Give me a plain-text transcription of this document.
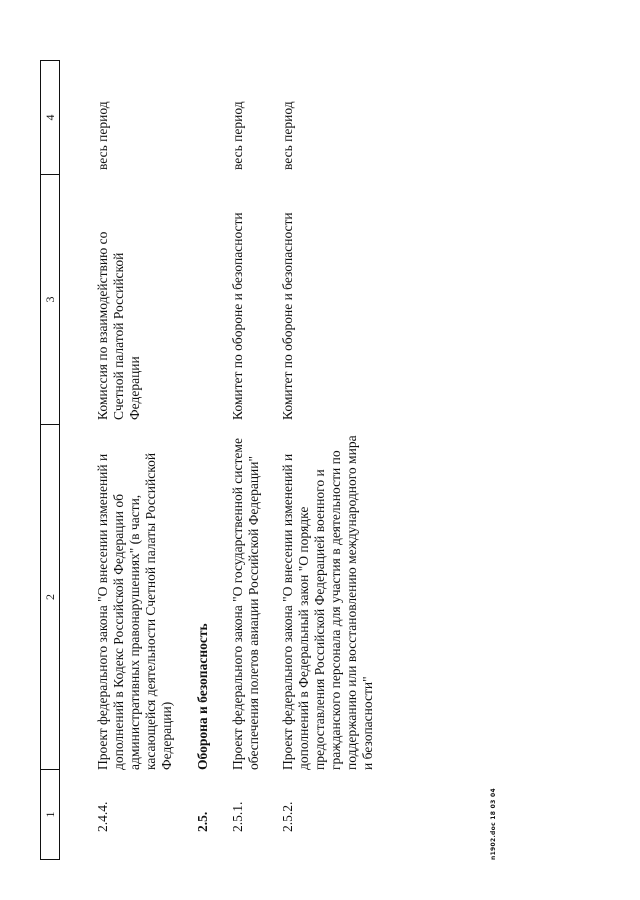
1
2
3
4
2.4.4.
Проект федерального закона "О внесении изменений и дополнений в Кодекс Российской Федерации об административных правонарушениях" (в части, касающейся деятельности Счетной палаты Российской Федерации)
Комиссия по взаимодействию со Счетной палатой Российской Федерации
весь период
2.5.
Оборона и безопасность
2.5.1.
Проект федерального закона "О государственной системе обеспечения полетов авиации Российской Федерации"
Комитет по обороне и безопасности
весь период
2.5.2.
Проект федерального закона "О внесении изменений и дополнений в Федеральный закон "О порядке предоставления Российской Федерацией военного и гражданского персонала для участия в деятельности по поддержанию или восстановлению международного мира и безопасности"
Комитет по обороне и безопасности
весь период
n1902.doc 18 03 04
